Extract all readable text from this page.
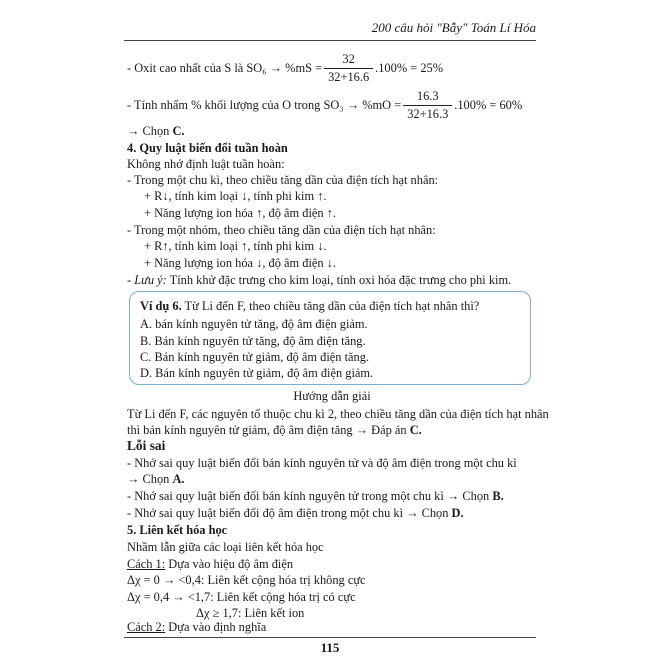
200 câu hỏi "Bẫy" Toán Lí Hóa
- Oxit cao nhất của S là $SO_6 \to \%mS = \frac{32}{32+16.6} .100\% = 25\%$
- Tính nhẩm % khối lượng của O trong $SO_3 \to \%mO = \frac{16.3}{32+16.3} .100\% = 60\%$
→ Chọn C.
4. Quy luật biến đổi tuần hoàn
Không nhớ định luật tuần hoàn:
- Trong một chu kì, theo chiều tăng dần của điện tích hạt nhân:
+ R↓, tính kim loại ↓, tính phi kim ↑.
+ Năng lượng ion hóa ↑, độ âm điện ↑.
- Trong một nhóm, theo chiều tăng dần của điện tích hạt nhân:
+ R↑, tính kim loại ↑, tính phi kim ↓.
+ Năng lượng ion hóa ↓, độ âm điện ↓.
- Lưu ý: Tính khử đặc trưng cho kim loại, tính oxi hóa đặc trưng cho phi kim.
Ví dụ 6. Từ Li đến F, theo chiều tăng dần của điện tích hạt nhân thì?
A. bán kính nguyên tử tăng, độ âm điện giảm.
B. Bán kính nguyên tử tăng, độ âm điện tăng.
C. Bán kính nguyên tử giảm, độ âm điện tăng.
D. Bán kính nguyên tử giảm, độ âm điện giảm.
Hướng dẫn giải
Từ Li đến F, các nguyên tố thuộc chu kì 2, theo chiều tăng dần của điện tích hạt nhân
thì bán kính nguyên tử giảm, độ âm điện tăng → Đáp án C.
Lỗi sai
- Nhớ sai quy luật biến đổi bán kính nguyên tử và độ âm điện trong một chu kì
→ Chọn A.
- Nhớ sai quy luật biến đổi bán kính nguyên tử trong một chu kì → Chọn B.
- Nhớ sai quy luật biến đổi độ âm điện trong một chu kì → Chọn D.
5. Liên kết hóa học
Nhầm lẫn giữa các loại liên kết hóa học
Cách 1: Dựa vào hiệu độ âm điện
Δχ = 0 → <0,4: Liên kết cộng hóa trị không cực
Δχ = 0,4 → <1,7: Liên kết cộng hóa trị có cực
Δχ ≥ 1,7: Liên kết ion
Cách 2: Dựa vào định nghĩa
115
